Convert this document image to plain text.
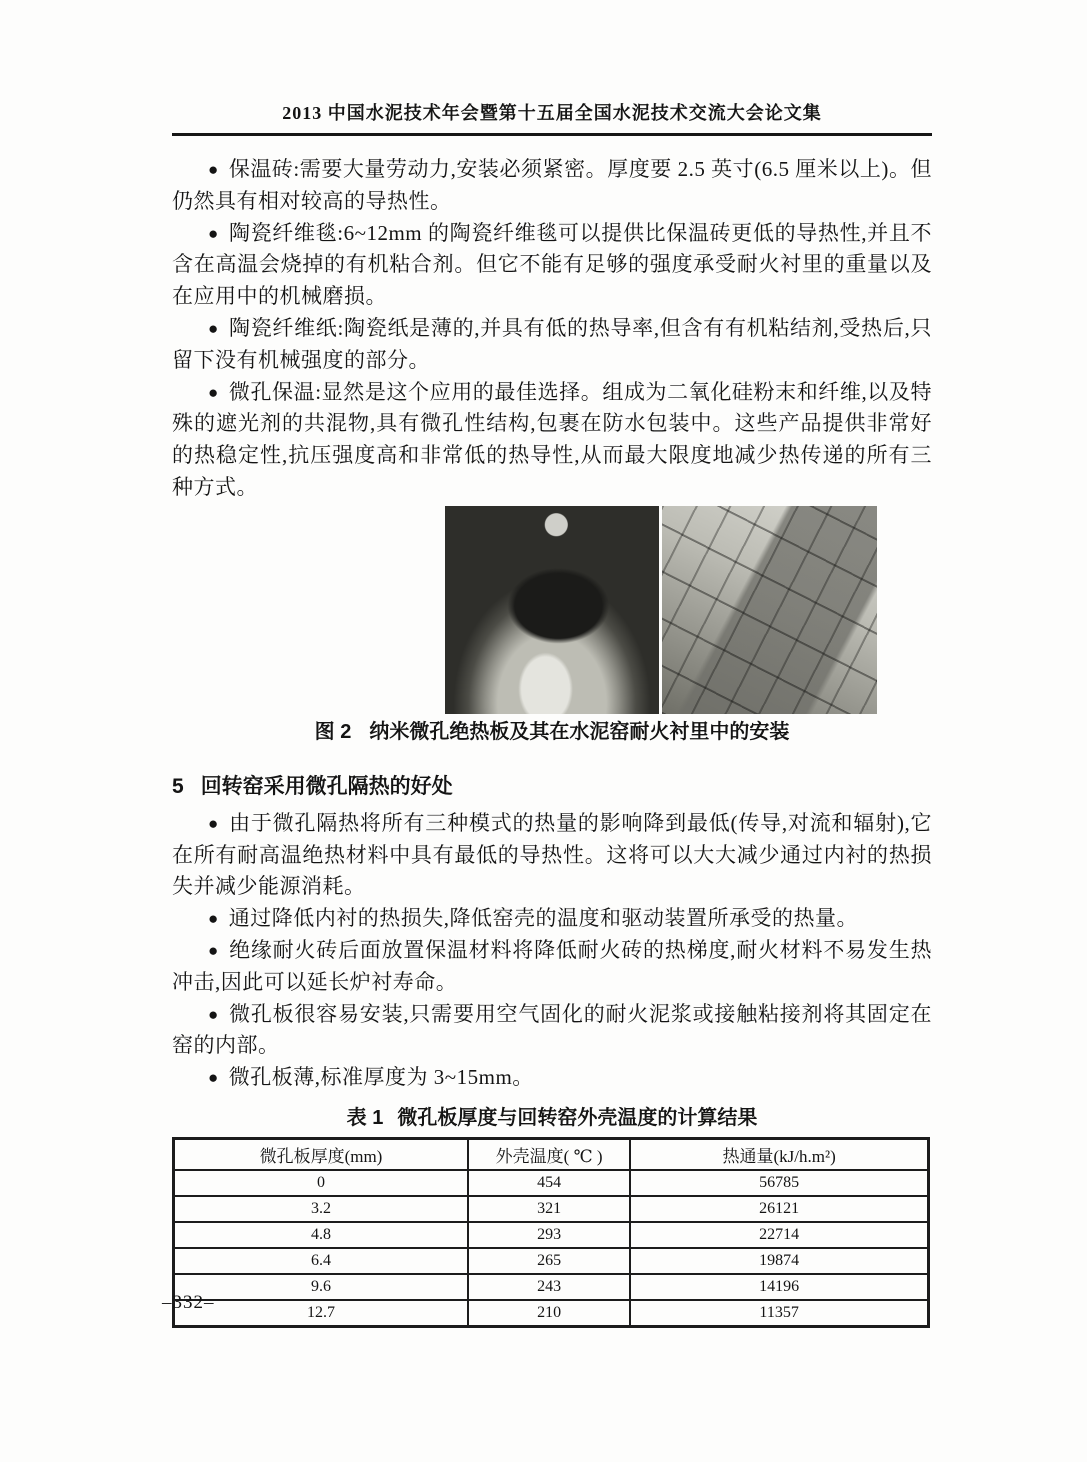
2013 中国水泥技术年会暨第十五届全国水泥技术交流大会论文集

● 保温砖:需要大量劳动力,安装必须紧密。厚度要 2.5 英寸(6.5 厘米以上)。但仍然具有相对较高的导热性。

● 陶瓷纤维毯:6~12mm 的陶瓷纤维毯可以提供比保温砖更低的导热性,并且不含在高温会烧掉的有机粘合剂。但它不能有足够的强度承受耐火衬里的重量以及在应用中的机械磨损。

● 陶瓷纤维纸:陶瓷纸是薄的,并具有低的热导率,但含有有机粘结剂,受热后,只留下没有机械强度的部分。

● 微孔保温:显然是这个应用的最佳选择。组成为二氧化硅粉末和纤维,以及特殊的遮光剂的共混物,具有微孔性结构,包裹在防水包装中。这些产品提供非常好的热稳定性,抗压强度高和非常低的热导性,从而最大限度地减少热传递的所有三种方式。

图 2 纳米微孔绝热板及其在水泥窑耐火衬里中的安装
5 回转窑采用微孔隔热的好处

● 由于微孔隔热将所有三种模式的热量的影响降到最低(传导,对流和辐射),它在所有耐高温绝热材料中具有最低的导热性。这将可以大大减少通过内衬的热损失并减少能源消耗。

● 通过降低内衬的热损失,降低窑壳的温度和驱动装置所承受的热量。

● 绝缘耐火砖后面放置保温材料将降低耐火砖的热梯度,耐火材料不易发生热冲击,因此可以延长炉衬寿命。

● 微孔板很容易安装,只需要用空气固化的耐火泥浆或接触粘接剂将其固定在窑的内部。

● 微孔板薄,标准厚度为 3~15mm。

表 1 微孔板厚度与回转窑外壳温度的计算结果
微孔板厚度(mm)	外壳温度( ℃ )	热通量(kJ/h.m²)
0	454	56785
3.2	321	26121
4.8	293	22714
6.4	265	19874
9.6	243	14196
12.7	210	11357
–332–
